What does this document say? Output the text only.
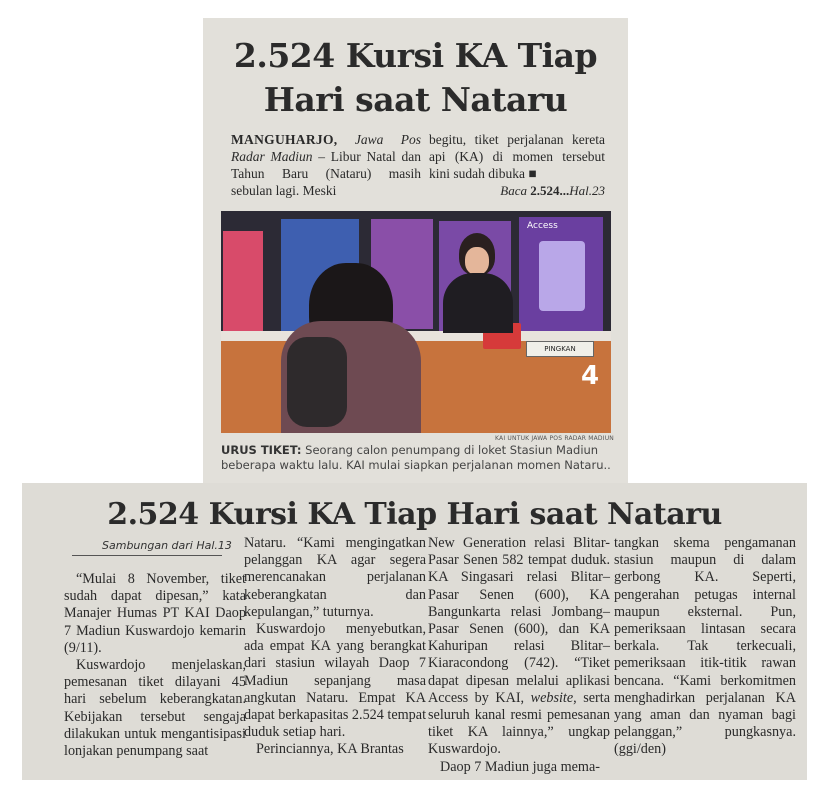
2.524 Kursi KA Tiap
Hari saat Nataru

MANGUHARJO, Jawa Pos Radar Madiun – Libur Natal dan Tahun Baru (Nataru) masih sebulan lagi. Meski

begitu, tiket perjalanan kereta api (KA) di momen tersebut kini sudah dibuka ■

Baca 2.524...Hal.23
Access
PINGKAN
4
KAI UNTUK JAWA POS RADAR MADIUN
URUS TIKET: Seorang calon penumpang di loket Stasiun Madiun beberapa waktu lalu. KAI mulai siapkan perjalanan momen Nataru..
2.524 Kursi KA Tiap Hari saat Nataru
Sambungan dari Hal.13

“Mulai 8 November, tiket sudah dapat dipesan,” kata Manajer Humas PT KAI Daop 7 Madiun Kuswardojo kemarin (9/11).

Kuswardojo menjelaskan, pemesanan tiket dilayani 45 hari sebelum keberangkatan. Kebijakan tersebut sengaja dilakukan untuk mengantisipasi lonjakan penumpang saat

Nataru. “Kami mengingatkan pelanggan KA agar segera merencanakan perjalanan keberangkatan dan kepulangan,” tuturnya.

Kuswardojo menyebutkan, ada empat KA yang berangkat dari stasiun wilayah Daop 7 Madiun sepanjang masa angkutan Nataru. Empat KA dapat berkapasitas 2.524 tempat duduk setiap hari.

Perinciannya, KA Brantas

New Generation relasi Blitar-Pasar Senen 582 tempat duduk. KA Singasari relasi Blitar–Pasar Senen (600), KA Bangunkarta relasi Jombang–Pasar Senen (600), dan KA Kahuripan relasi Blitar–Kiaracondong (742). “Tiket dapat dipesan melalui aplikasi Access by KAI, website, serta seluruh kanal resmi pemesanan tiket KA lainnya,” ungkap Kuswardojo.

Daop 7 Madiun juga mema-

tangkan skema pengamanan stasiun maupun di dalam gerbong KA. Seperti, pengerahan petugas internal maupun eksternal. Pun, pemeriksaan lintasan secara berkala. Tak terkecuali, pemeriksaan itik-titik rawan bencana. “Kami berkomitmen menghadirkan perjalanan KA yang aman dan nyaman bagi pelanggan,” pungkasnya. (ggi/den)
